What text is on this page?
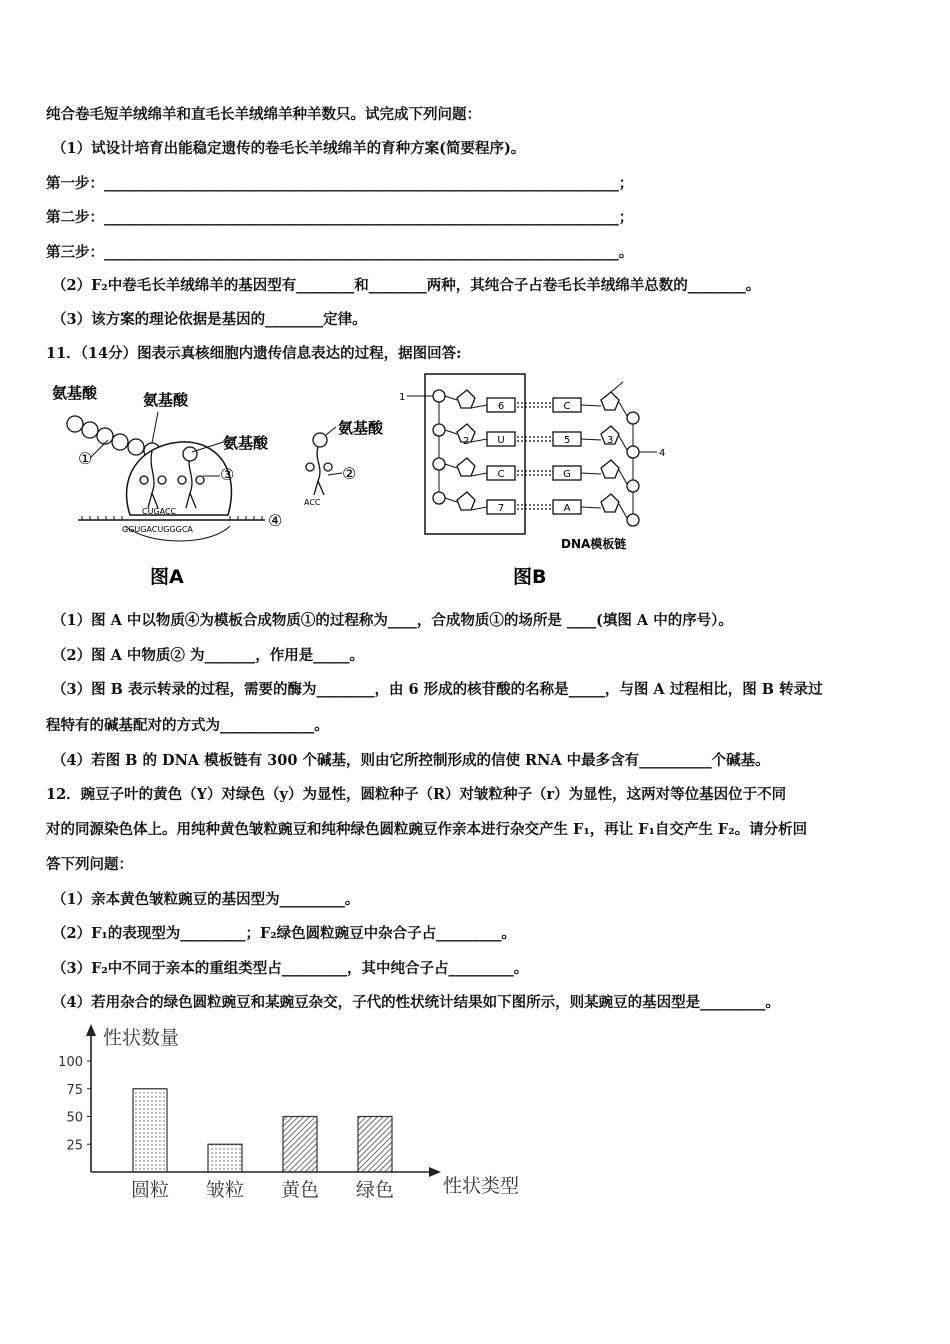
纯合卷毛短羊绒绵羊和直毛长羊绒绵羊种羊数只。试完成下列问题：
（1）试设计培育出能稳定遗传的卷毛长羊绒绵羊的育种方案(简要程序)。
第一步：_______________________________________________________________________；
第二步：_______________________________________________________________________；
第三步：_______________________________________________________________________。
（2）F₂中卷毛长羊绒绵羊的基因型有________和________两种，其纯合子占卷毛长羊绒绵羊总数的________。
（3）该方案的理论依据是基因的________定律。
11．（14分）图表示真核细胞内遗传信息表达的过程，据图回答:
氨基酸	氨基酸
氨基酸
CUGACC
GGUGACUGGGCA
①
③
④
图A
氨基酸
ACC
②
1
6
U
C
7
C
5
G
A
2	3
4
DNA模板链
图B
（1）图 A 中以物质④为模板合成物质①的过程称为____，合成物质①的场所是 ____(填图 A 中的序号）。
（2）图 A 中物质② 为_______，作用是_____。
（3）图 B 表示转录的过程，需要的酶为________，由 6 形成的核苷酸的名称是_____，与图 A 过程相比，图 B 转录过
程特有的碱基配对的方式为_____________。
（4）若图 B 的 DNA 模板链有 300 个碱基，则由它所控制形成的信使 RNA 中最多含有__________个碱基。
12．豌豆子叶的黄色（Y）对绿色（y）为显性，圆粒种子（R）对皱粒种子（r）为显性，这两对等位基因位于不同
对的同源染色体上。用纯种黄色皱粒豌豆和纯种绿色圆粒豌豆作亲本进行杂交产生 F₁，再让 F₁自交产生 F₂。请分析回
答下列问题：
（1）亲本黄色皱粒豌豆的基因型为_________。
（2）F₁的表现型为_________；F₂绿色圆粒豌豆中杂合子占_________。
（3）F₂中不同于亲本的重组类型占_________，其中纯合子占_________。
（4）若用杂合的绿色圆粒豌豆和某豌豆杂交，子代的性状统计结果如下图所示，则某豌豆的基因型是_________。
性状数量
性状类型
100
75
50
25
圆粒 皱粒 黄色 绿色
